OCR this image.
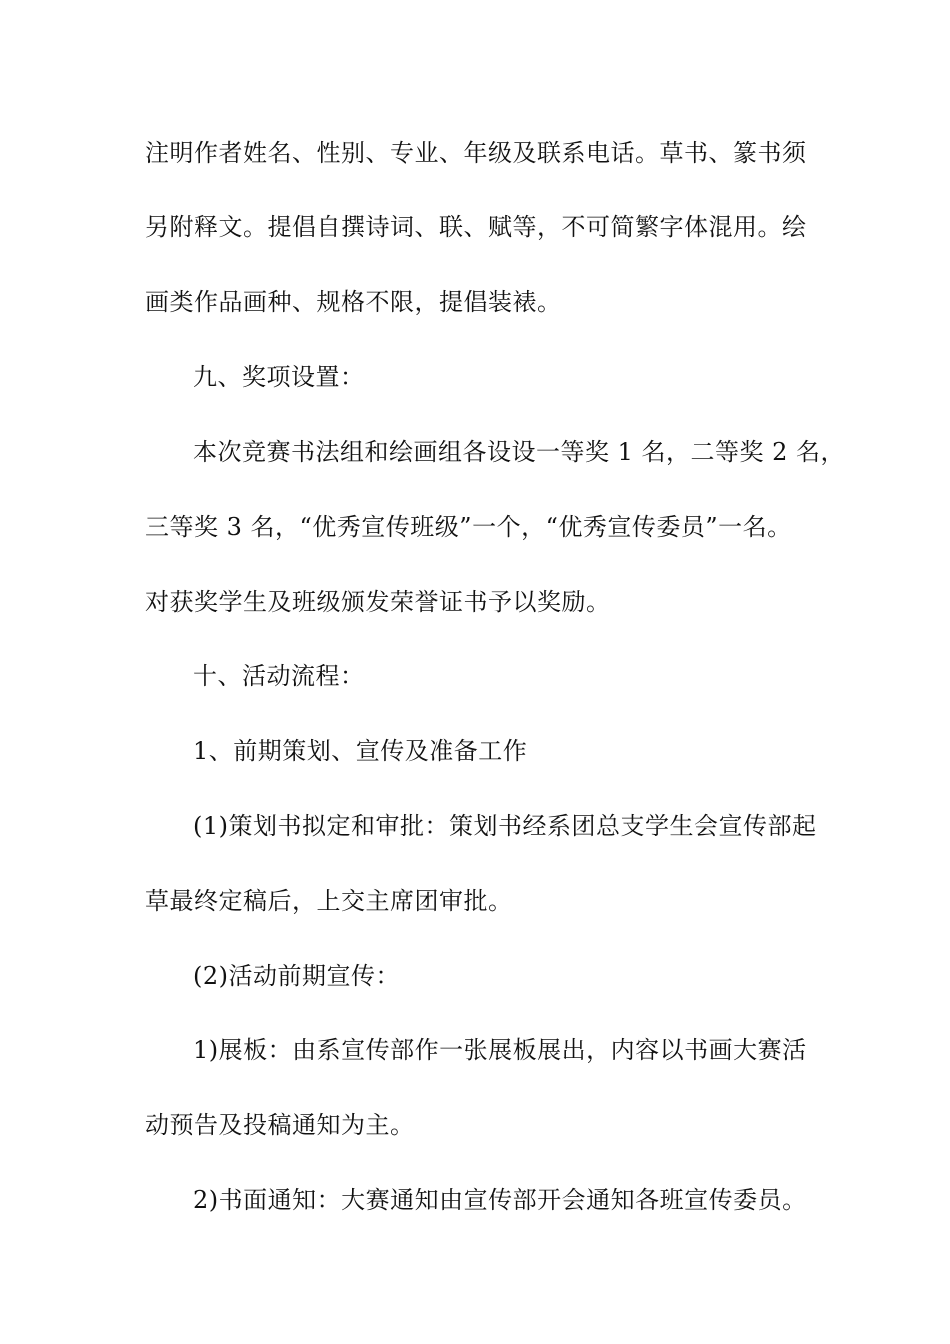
注明作者姓名、性别、专业、年级及联系电话。草书、篆书须
另附释文。提倡自撰诗词、联、赋等，不可简繁字体混用。绘
画类作品画种、规格不限，提倡装裱。
九、奖项设置：
本次竞赛书法组和绘画组各设设一等奖 1 名，二等奖 2 名，
三等奖 3 名，“优秀宣传班级”一个，“优秀宣传委员”一名。
对获奖学生及班级颁发荣誉证书予以奖励。
十、活动流程：
1、前期策划、宣传及准备工作
(1)策划书拟定和审批：策划书经系团总支学生会宣传部起
草最终定稿后，上交主席团审批。
(2)活动前期宣传：
1)展板：由系宣传部作一张展板展出，内容以书画大赛活
动预告及投稿通知为主。
2)书面通知：大赛通知由宣传部开会通知各班宣传委员。
